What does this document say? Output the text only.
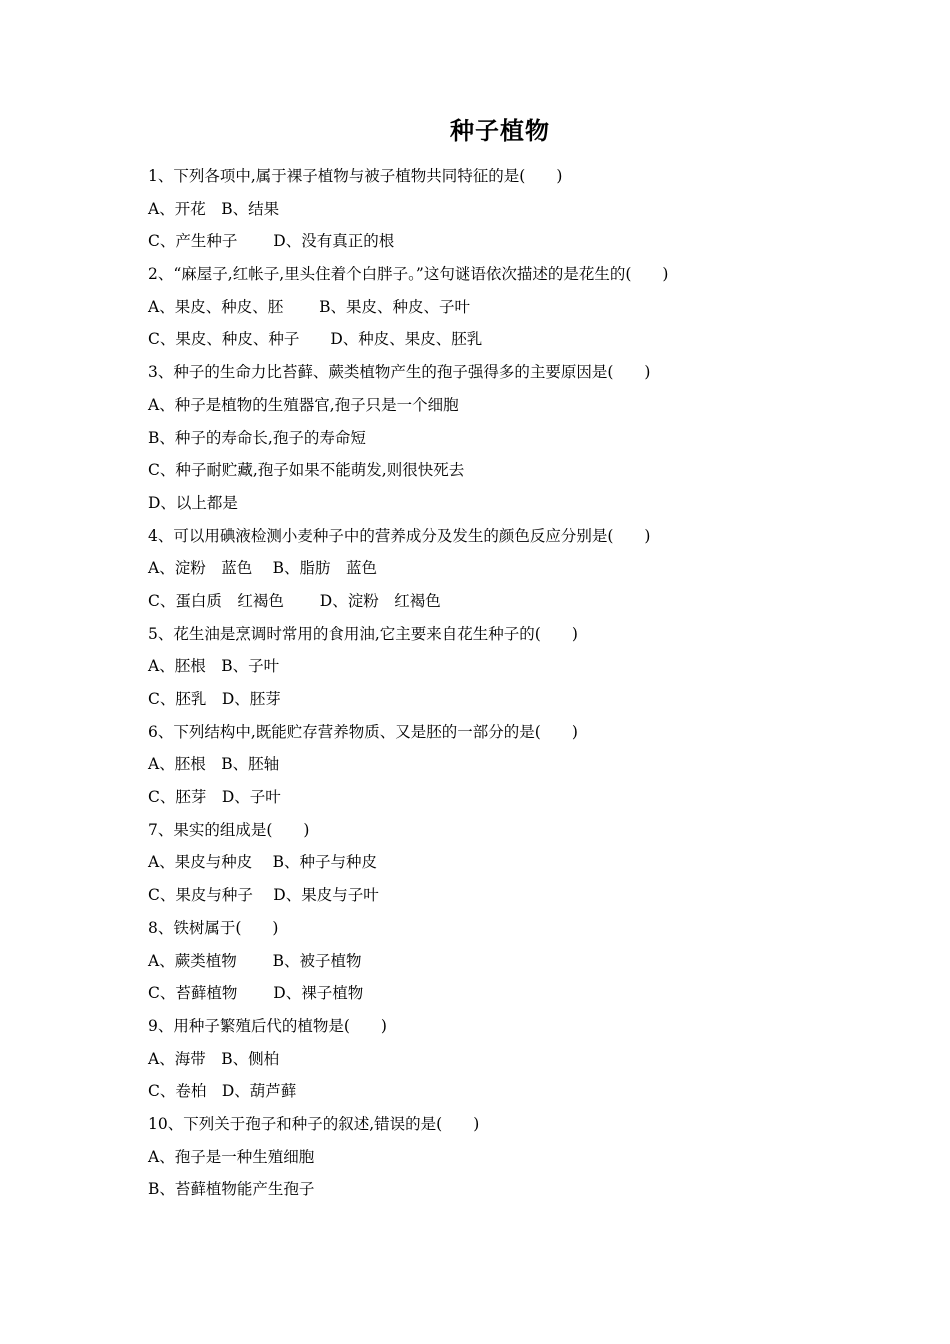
种子植物
1、下列各项中,属于裸子植物与被子植物共同特征的是(　　)
A、开花　B、结果
C、产生种子　　 D、没有真正的根
2、“麻屋子,红帐子,里头住着个白胖子。”这句谜语依次描述的是花生的(　　)
A、果皮、种皮、胚　　 B、果皮、种皮、子叶
C、果皮、种皮、种子　　D、种皮、果皮、胚乳
3、种子的生命力比苔藓、蕨类植物产生的孢子强得多的主要原因是(　　)
A、种子是植物的生殖器官,孢子只是一个细胞
B、种子的寿命长,孢子的寿命短
C、种子耐贮藏,孢子如果不能萌发,则很快死去
D、以上都是
4、可以用碘液检测小麦种子中的营养成分及发生的颜色反应分别是(　　)
A、淀粉　蓝色　 B、脂肪　蓝色
C、蛋白质　红褐色　　 D、淀粉　红褐色
5、花生油是烹调时常用的食用油,它主要来自花生种子的(　　)
A、胚根　B、子叶
C、胚乳　D、胚芽
6、下列结构中,既能贮存营养物质、又是胚的一部分的是(　　)
A、胚根　B、胚轴
C、胚芽　D、子叶
7、果实的组成是(　　)
A、果皮与种皮　 B、种子与种皮
C、果皮与种子　 D、果皮与子叶
8、铁树属于(　　)
A、蕨类植物　　 B、被子植物
C、苔藓植物　　 D、裸子植物
9、用种子繁殖后代的植物是(　　)
A、海带　B、侧柏
C、卷柏　D、葫芦藓
10、下列关于孢子和种子的叙述,错误的是(　　)
A、孢子是一种生殖细胞
B、苔藓植物能产生孢子
